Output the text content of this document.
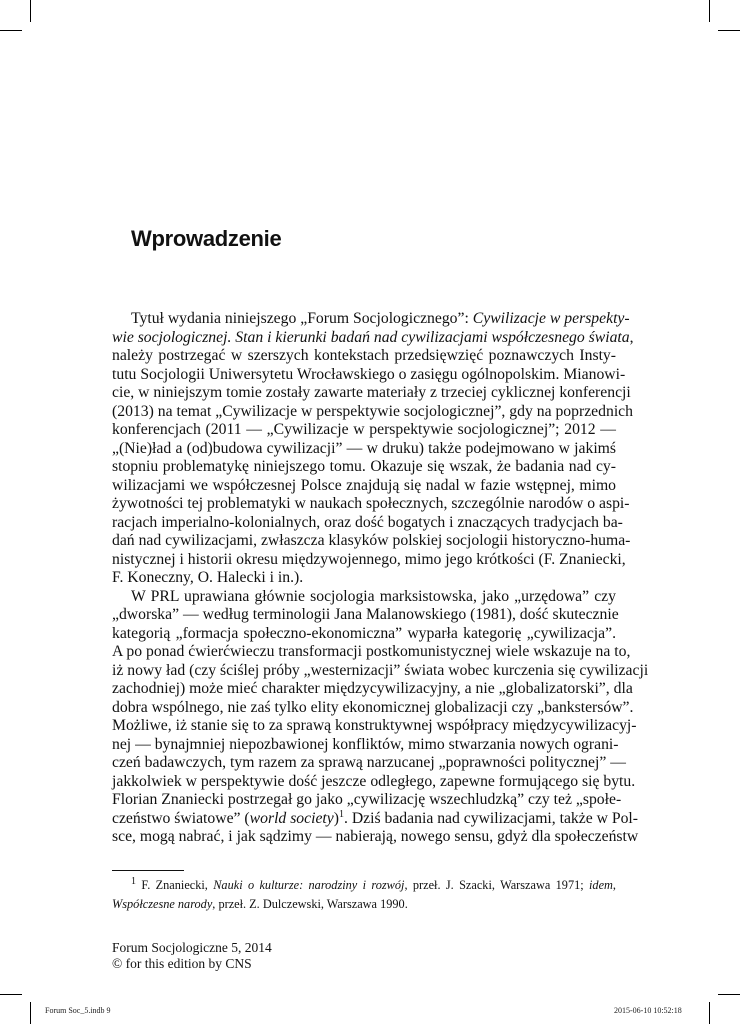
Wprowadzenie
Tytuł wydania niniejszego „Forum Socjologicznego”: Cywilizacje w perspekty-
wie socjologicznej. Stan i kierunki badań nad cywilizacjami współczesnego świata,
należy postrzegać w szerszych kontekstach przedsięwzięć poznawczych Insty-
tutu Socjologii Uniwersytetu Wrocławskiego o zasięgu ogólnopolskim. Mianowi-
cie, w niniejszym tomie zostały zawarte materiały z trzeciej cyklicznej konferencji
(2013) na temat „Cywilizacje w perspektywie socjologicznej”, gdy na poprzednich
konferencjach (2011 — „Cywilizacje w perspektywie socjologicznej”; 2012 —
„(Nie)ład a (od)budowa cywilizacji” — w druku) także podejmowano w jakimś
stopniu problematykę niniejszego tomu. Okazuje się wszak, że badania nad cy-
wilizacjami we współczesnej Polsce znajdują się nadal w fazie wstępnej, mimo
żywotności tej problematyki w naukach społecznych, szczególnie narodów o aspi-
racjach imperialno-kolonialnych, oraz dość bogatych i znaczących tradycjach ba-
dań nad cywilizacjami, zwłaszcza klasyków polskiej socjologii historyczno-huma-
nistycznej i historii okresu międzywojennego, mimo jego krótkości (F. Znaniecki,
F. Koneczny, O. Halecki i in.).
W PRL uprawiana głównie socjologia marksistowska, jako „urzędowa” czy
„dworska” — według terminologii Jana Malanowskiego (1981), dość skutecznie
kategorią „formacja społeczno-ekonomiczna” wyparła kategorię „cywilizacja”.
A po ponad ćwierćwieczu transformacji postkomunistycznej wiele wskazuje na to,
iż nowy ład (czy ściślej próby „westernizacji” świata wobec kurczenia się cywilizacji
zachodniej) może mieć charakter międzycywilizacyjny, a nie „globalizatorski”, dla
dobra wspólnego, nie zaś tylko elity ekonomicznej globalizacji czy „bankstersów”.
Możliwe, iż stanie się to za sprawą konstruktywnej współpracy międzycywilizacyj-
nej — bynajmniej niepozbawionej konfliktów, mimo stwarzania nowych ograni-
czeń badawczych, tym razem za sprawą narzucanej „poprawności politycznej” —
jakkolwiek w perspektywie dość jeszcze odległego, zapewne formującego się bytu.
Florian Znaniecki postrzegał go jako „cywilizację wszechludzką” czy też „społe-
czeństwo światowe” (world society)$^1$. Dziś badania nad cywilizacjami, także w Pol-
sce, mogą nabrać, i jak sądzimy — nabierają, nowego sensu, gdyż dla społeczeństw
$^1$ F. Znaniecki, Nauki o kulturze: narodziny i rozwój, przeł. J. Szacki, Warszawa 1971; idem,
Współczesne narody, przeł. Z. Dulczewski, Warszawa 1990.
Forum Socjologiczne 5, 2014
© for this edition by CNS
Forum Soc_5.indb 9	2015-06-10 10:52:18
